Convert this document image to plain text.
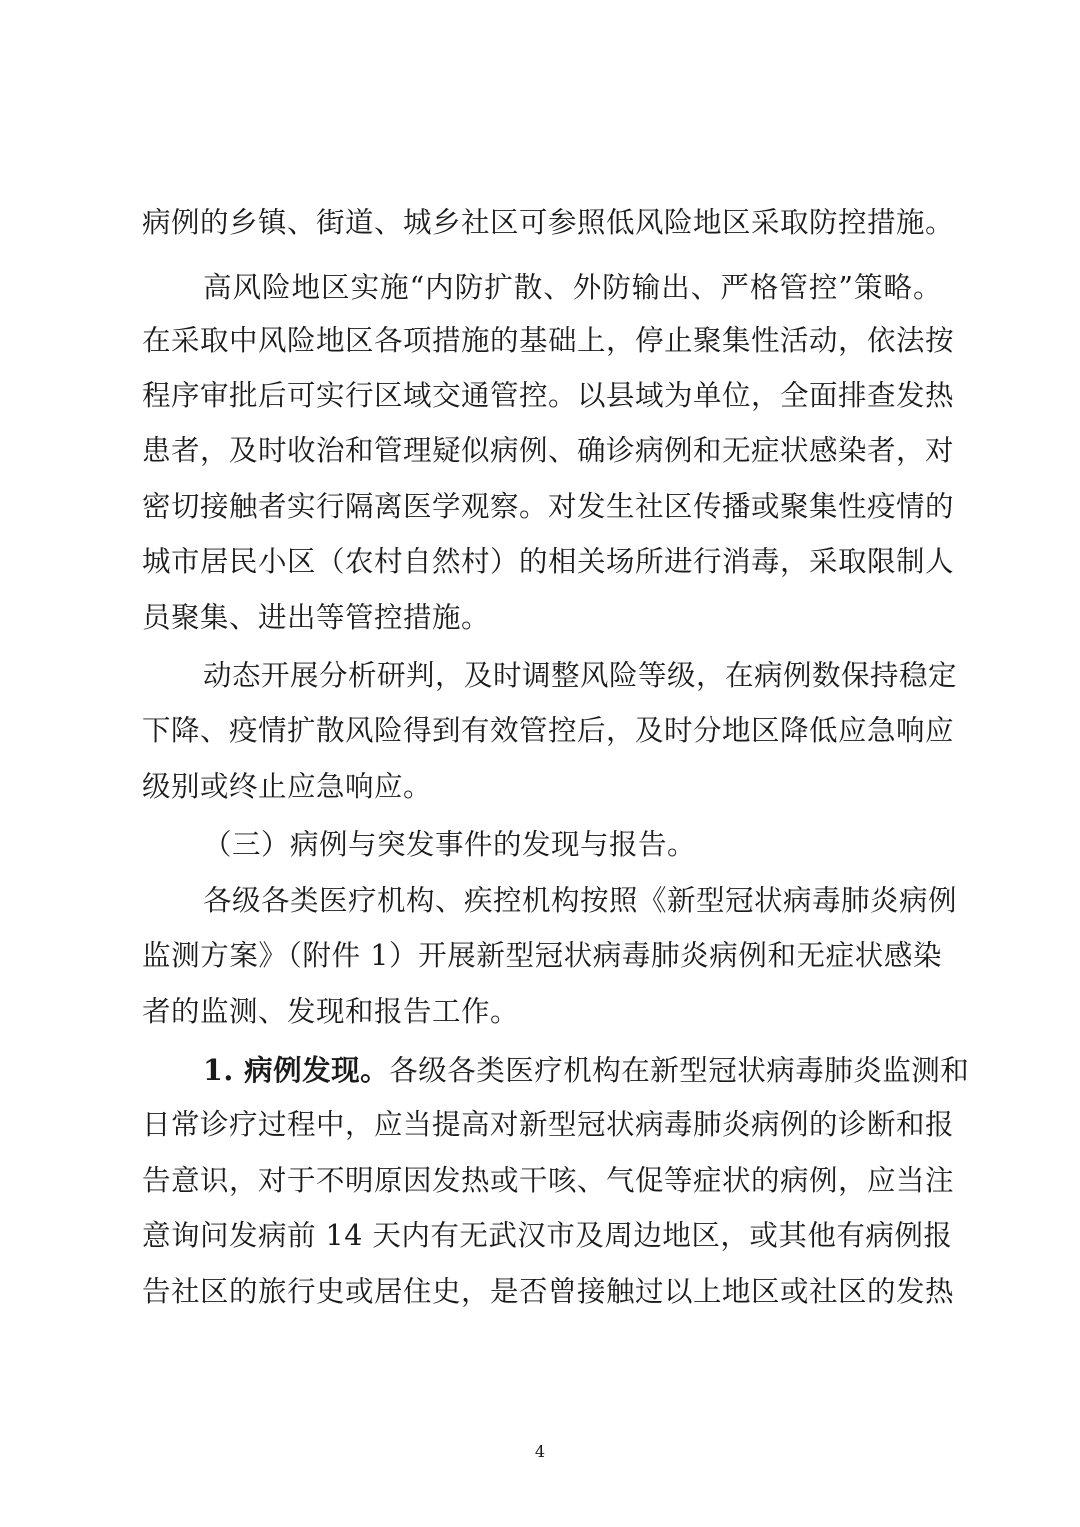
病例的乡镇、街道、城乡社区可参照低风险地区采取防控措施。
高风险地区实施“内防扩散、外防输出、严格管控”策略。
在采取中风险地区各项措施的基础上，停止聚集性活动，依法按
程序审批后可实行区域交通管控。以县域为单位，全面排查发热
患者，及时收治和管理疑似病例、确诊病例和无症状感染者，对
密切接触者实行隔离医学观察。对发生社区传播或聚集性疫情的
城市居民小区（农村自然村）的相关场所进行消毒，采取限制人
员聚集、进出等管控措施。
动态开展分析研判，及时调整风险等级，在病例数保持稳定
下降、疫情扩散风险得到有效管控后，及时分地区降低应急响应
级别或终止应急响应。
（三）病例与突发事件的发现与报告。
各级各类医疗机构、疾控机构按照《新型冠状病毒肺炎病例
监测方案》（附件 1）开展新型冠状病毒肺炎病例和无症状感染
者的监测、发现和报告工作。
1. 病例发现。各级各类医疗机构在新型冠状病毒肺炎监测和
日常诊疗过程中，应当提高对新型冠状病毒肺炎病例的诊断和报
告意识，对于不明原因发热或干咳、气促等症状的病例，应当注
意询问发病前 14 天内有无武汉市及周边地区，或其他有病例报
告社区的旅行史或居住史，是否曾接触过以上地区或社区的发热
4
